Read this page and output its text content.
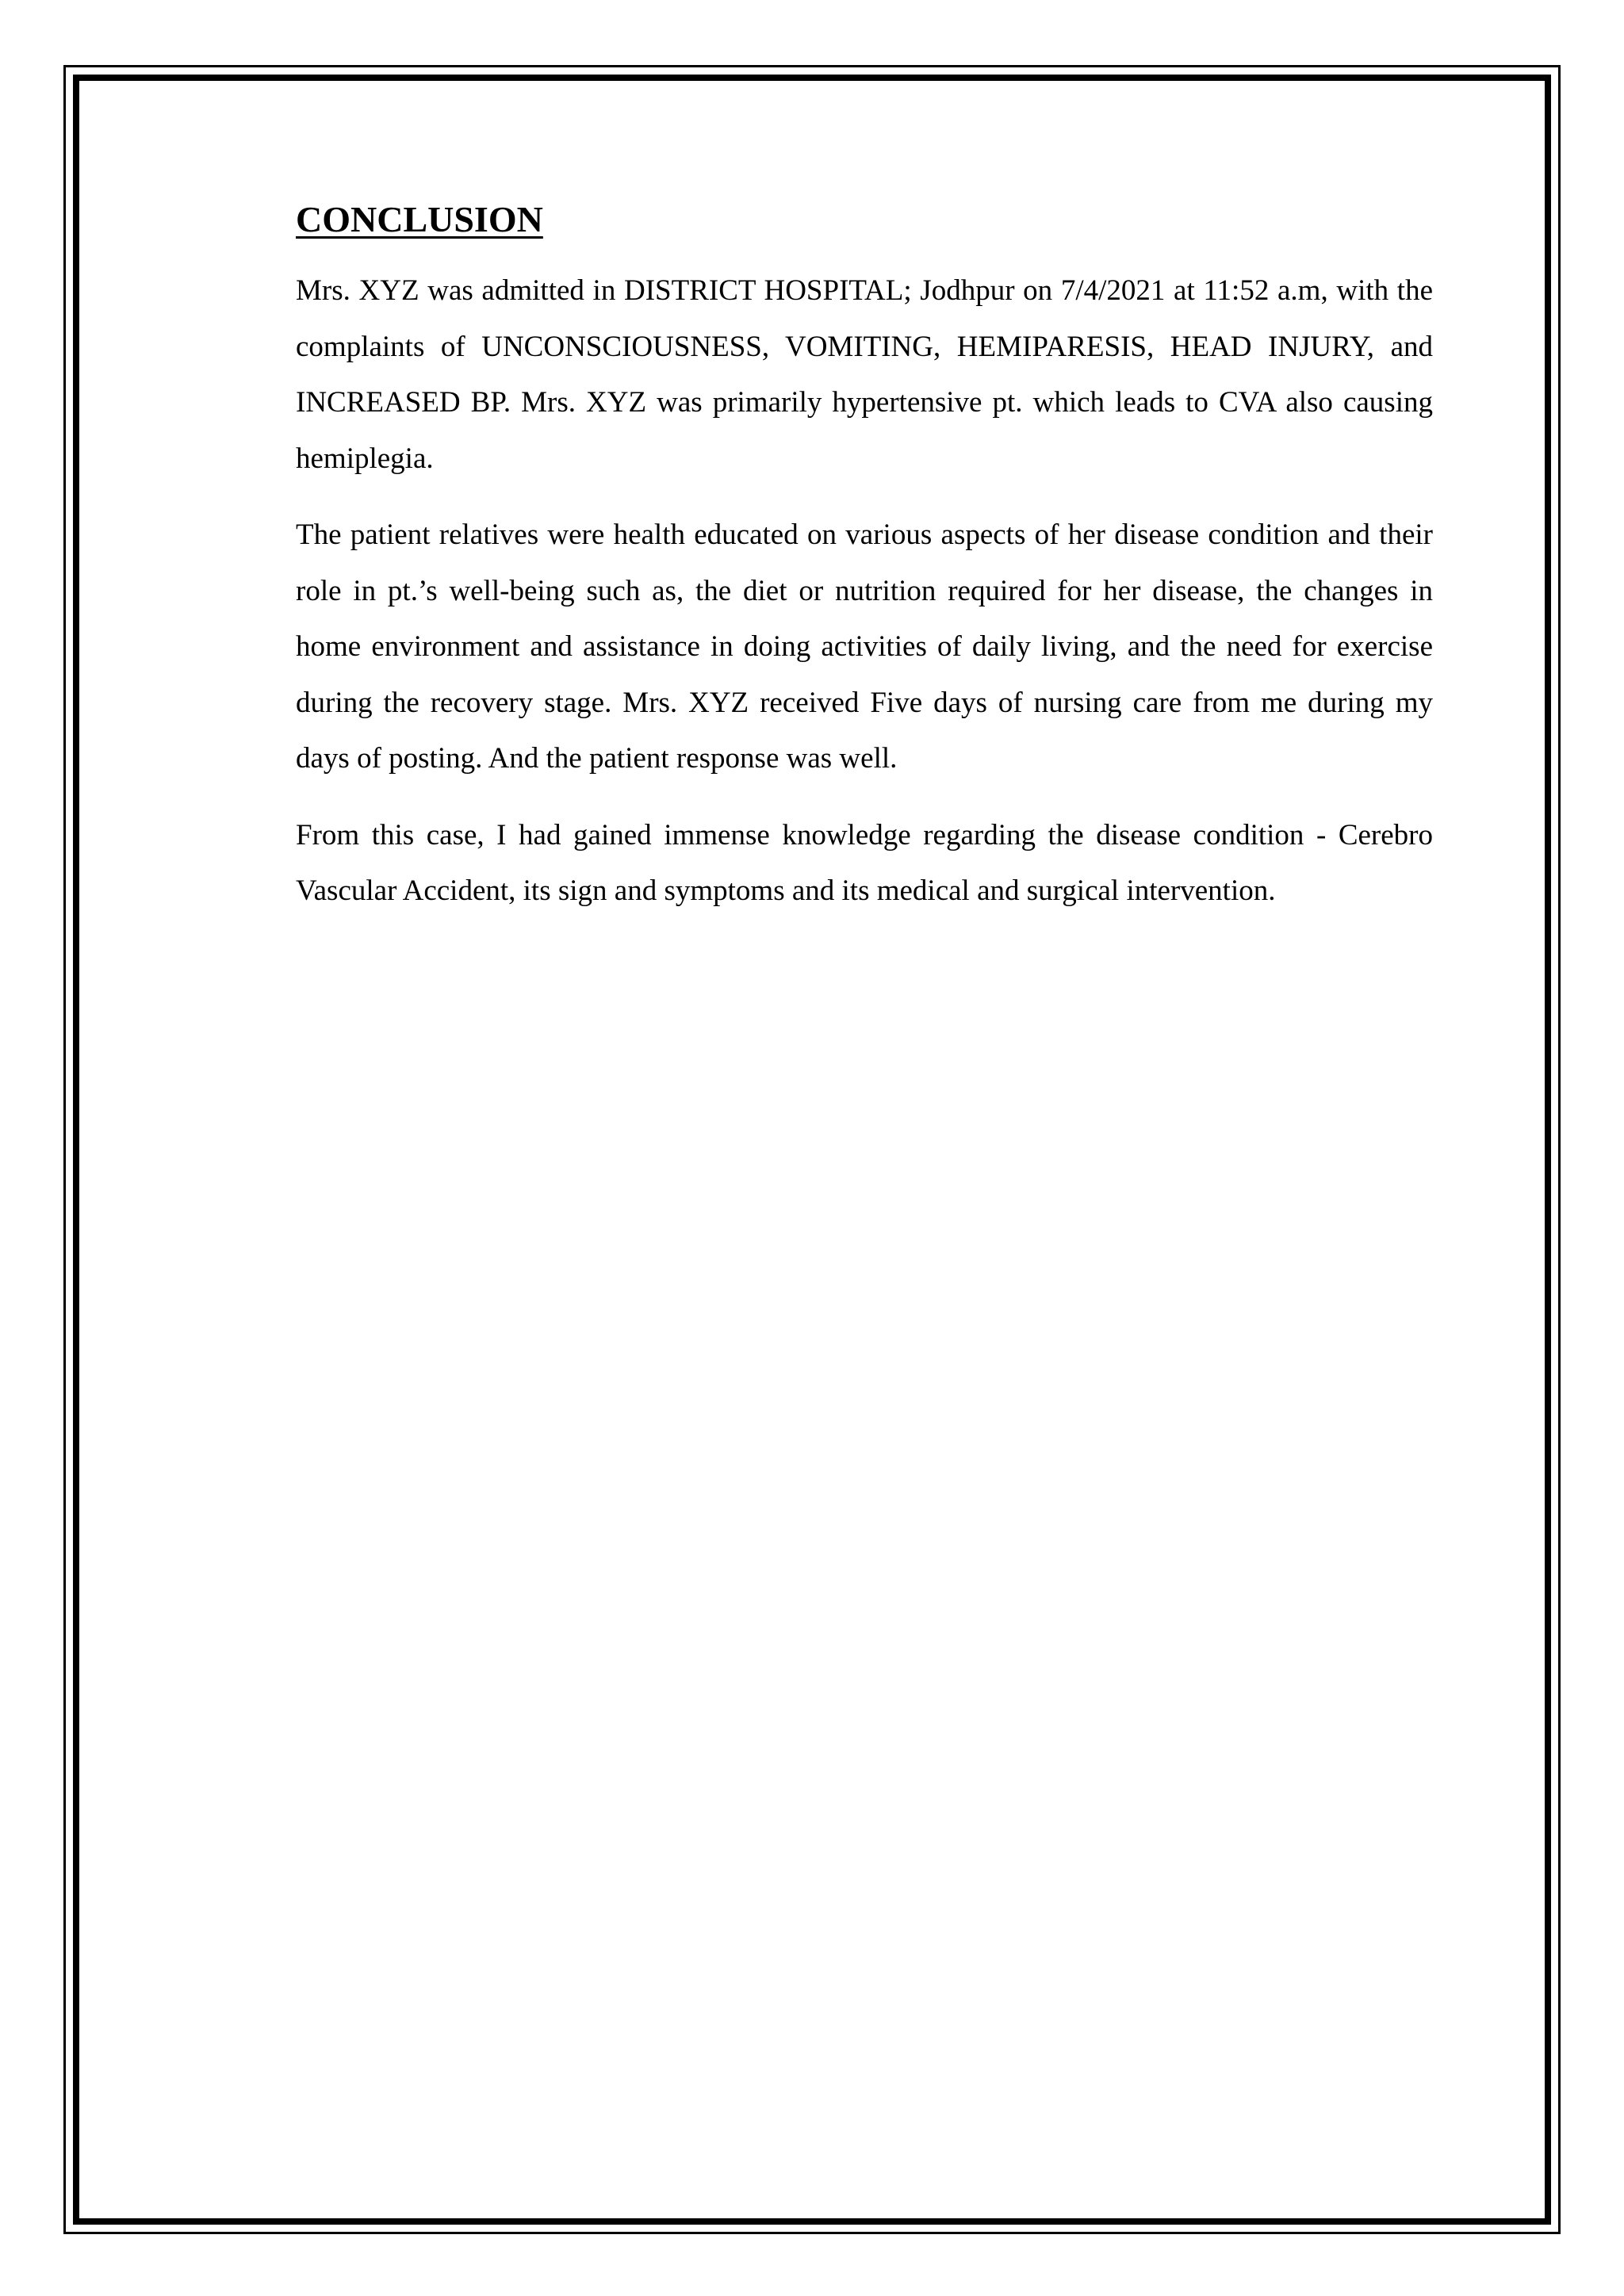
CONCLUSION

Mrs. XYZ was admitted in DISTRICT HOSPITAL; Jodhpur on 7/4/2021 at 11:52 a.m, with the complaints of UNCONSCIOUSNESS, VOMITING, HEMIPARESIS, HEAD INJURY, and INCREASED BP. Mrs. XYZ was primarily hypertensive pt. which leads to CVA also causing hemiplegia.

The patient relatives were health educated on various aspects of her disease condition and their role in pt.’s well-being such as, the diet or nutrition required for her disease, the changes in home environment and assistance in doing activities of daily living, and the need for exercise during the recovery stage. Mrs. XYZ received Five days of nursing care from me during my days of posting. And the patient response was well.

From this case, I had gained immense knowledge regarding the disease condition - Cerebro Vascular Accident, its sign and symptoms and its medical and surgical intervention.
